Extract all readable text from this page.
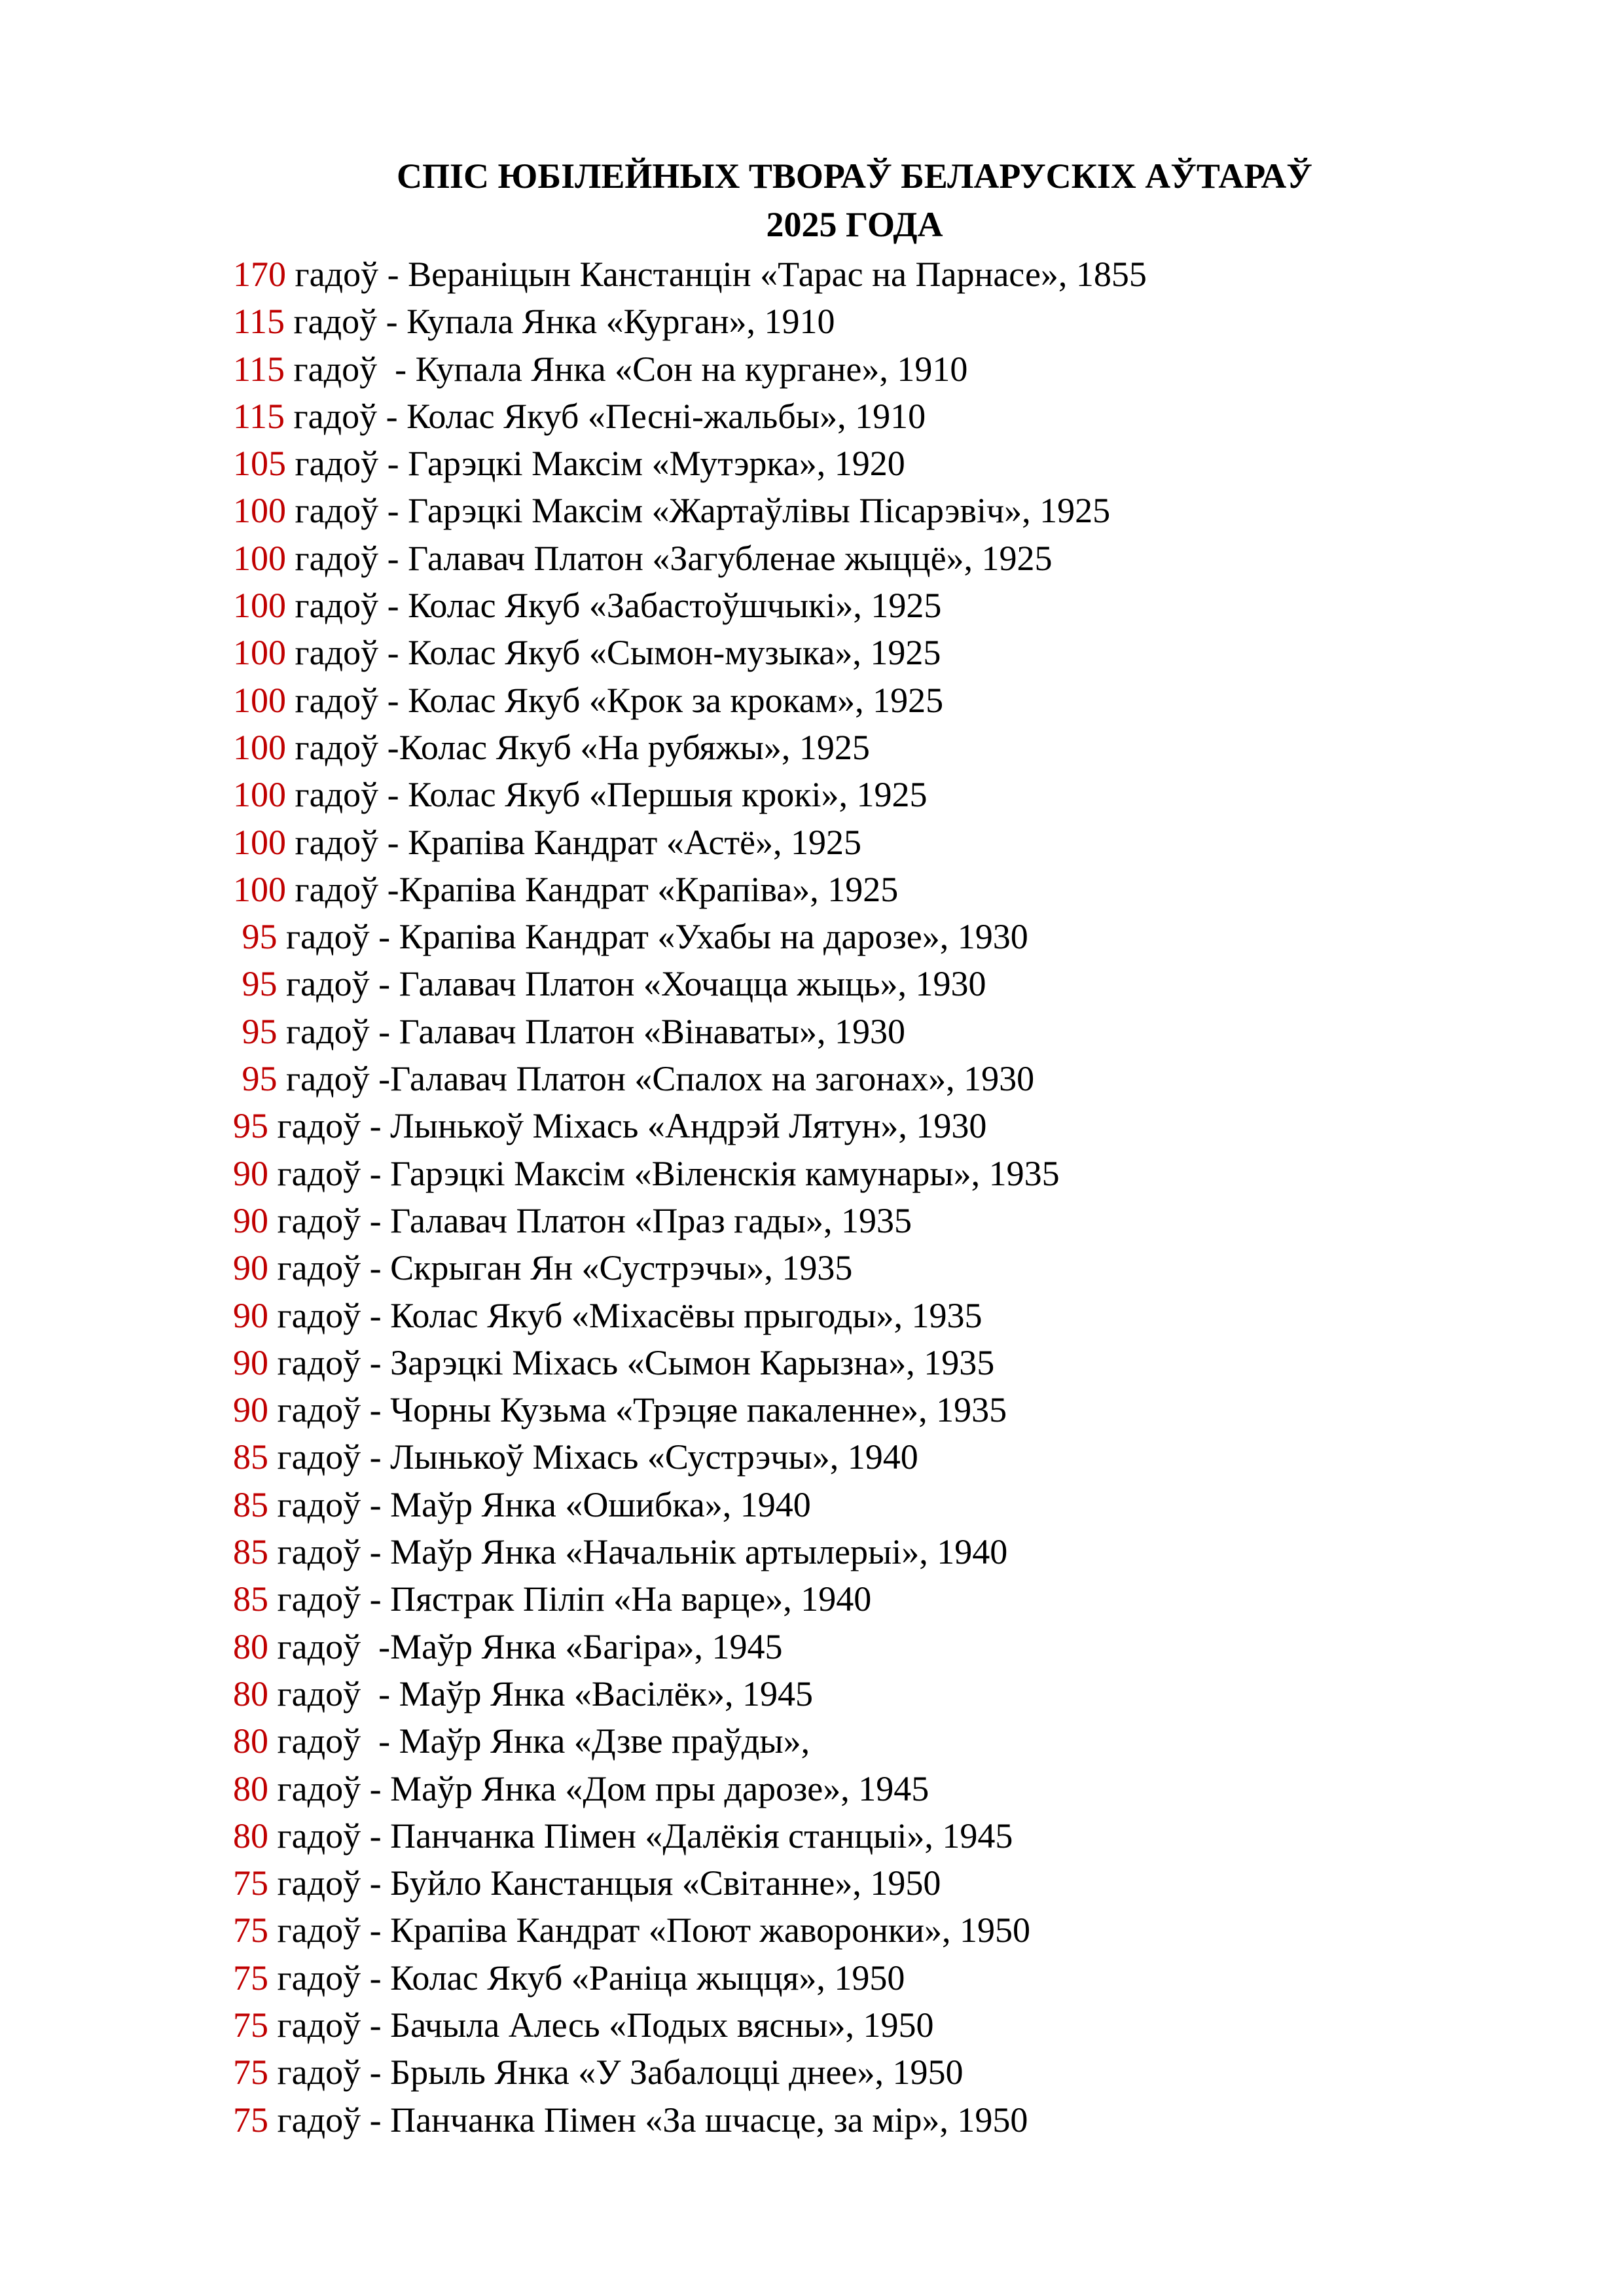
СПІС ЮБІЛЕЙНЫХ ТВОРАЎ БЕЛАРУСКІХ АЎТАРАЎ
2025 ГОДА
170 гадоў - Вераніцын Канстанцін «Тарас на Парнасе», 1855
115 гадоў - Купала Янка «Курган», 1910
115 гадоў  - Купала Янка «Сон на кургане», 1910
115 гадоў - Колас Якуб «Песні-жальбы», 1910
105 гадоў - Гарэцкі Максім «Мутэрка», 1920
100 гадоў - Гарэцкі Максім «Жартаўлівы Пісарэвіч», 1925
100 гадоў - Галавач Платон «Загубленае жыццё», 1925
100 гадоў - Колас Якуб «Забастоўшчыкі», 1925
100 гадоў - Колас Якуб «Сымон-музыка», 1925
100 гадоў - Колас Якуб «Крок за крокам», 1925
100 гадоў -Колас Якуб «На рубяжы», 1925
100 гадоў - Колас Якуб «Першыя крокі», 1925
100 гадоў - Крапіва Кандрат «Астё», 1925
100 гадоў -Крапіва Кандрат «Крапіва», 1925
95 гадоў - Крапіва Кандрат «Ухабы на дарозе», 1930
95 гадоў - Галавач Платон «Хочацца жыць», 1930
95 гадоў - Галавач Платон «Вінаваты», 1930
95 гадоў -Галавач Платон «Спалох на загонах», 1930
95 гадоў - Лынькоў Міхась «Андрэй Лятун», 1930
90 гадоў - Гарэцкі Максім «Віленскія камунары», 1935
90 гадоў - Галавач Платон «Праз гады», 1935
90 гадоў - Скрыган Ян «Сустрэчы», 1935
90 гадоў - Колас Якуб «Міхасёвы прыгоды», 1935
90 гадоў - Зарэцкі Міхась «Сымон Карызна», 1935
90 гадоў - Чорны Кузьма «Трэцяе пакаленне», 1935
85 гадоў - Лынькоў Міхась «Сустрэчы», 1940
85 гадоў - Маўр Янка «Ошибка», 1940
85 гадоў - Маўр Янка «Начальнік артылерыі», 1940
85 гадоў - Пястрак Піліп «На варце», 1940
80 гадоў  -Маўр Янка «Багіра», 1945
80 гадоў  - Маўр Янка «Васілёк», 1945
80 гадоў  - Маўр Янка «Дзве праўды»,
80 гадоў - Маўр Янка «Дом пры дарозе», 1945
80 гадоў - Панчанка Пімен «Далёкія станцыі», 1945
75 гадоў - Буйло Канстанцыя «Світанне», 1950
75 гадоў - Крапіва Кандрат «Поют жаворонки», 1950
75 гадоў - Колас Якуб «Раніца жыцця», 1950
75 гадоў - Бачыла Алесь «Подых вясны», 1950
75 гадоў - Брыль Янка «У Забалоцці днее», 1950
75 гадоў - Панчанка Пімен «За шчасце, за мір», 1950
